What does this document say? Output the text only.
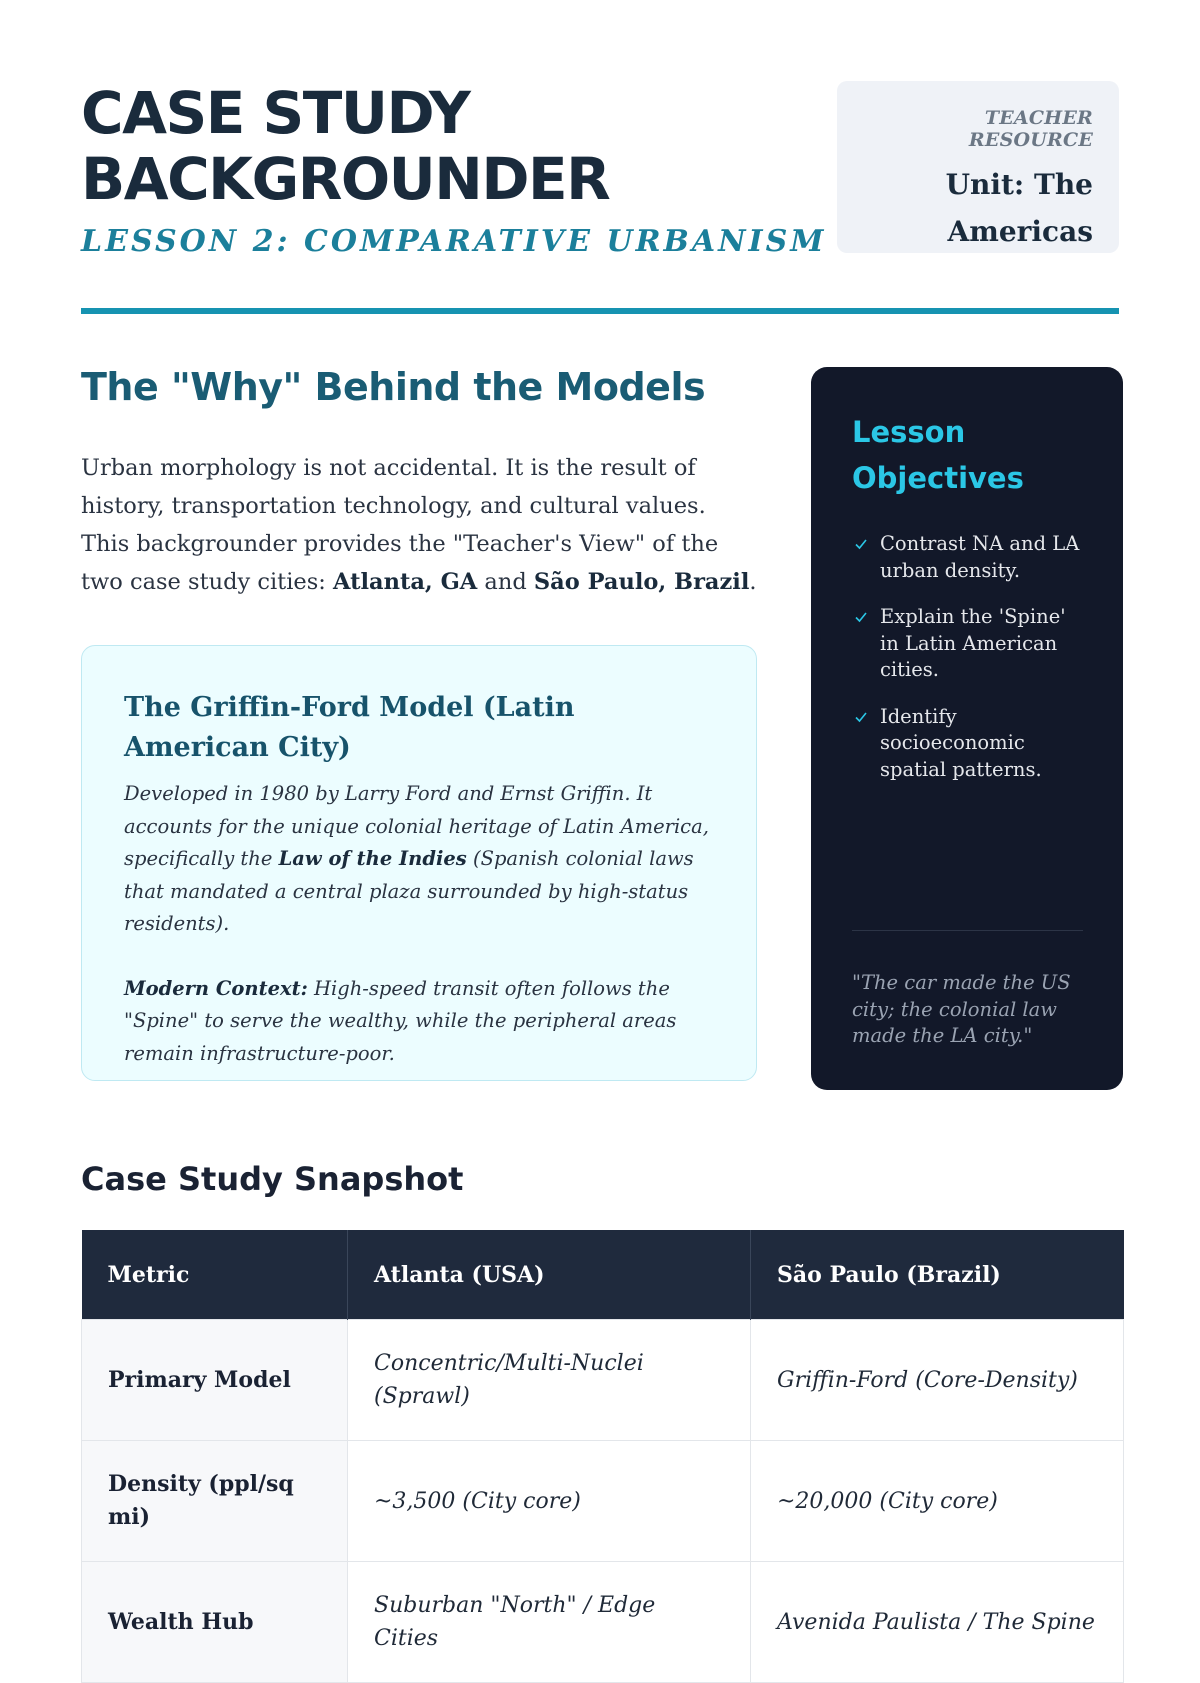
CASE STUDY
BACKGROUNDER
LESSON 2: COMPARATIVE URBANISM
TEACHER RESOURCE
Unit: The
Americas
The "Why" Behind the Models

Urban morphology is not accidental. It is the result of history, transportation technology, and cultural values. This backgrounder provides the "Teacher's View" of the two case study cities: Atlanta, GA and São Paulo, Brazil.

The Griffin-Ford Model (Latin American City)

Developed in 1980 by Larry Ford and Ernst Griffin. It accounts for the unique colonial heritage of Latin America, specifically the Law of the Indies (Spanish colonial laws that mandated a central plaza surrounded by high-status residents).

Modern Context: High-speed transit often follows the "Spine" to serve the wealthy, while the peripheral areas remain infrastructure-poor.

Lesson
Objectives
Contrast NA and LA urban density.
Explain the 'Spine' in Latin American cities.
Identify socioeconomic spatial patterns.

"The car made the US city; the colonial law made the LA city."

Case Study Snapshot
Metric	Atlanta (USA)	São Paulo (Brazil)
Primary Model	Concentric/Multi-Nuclei (Sprawl)	Griffin-Ford (Core-Density)
Density (ppl/sq mi)	~3,500 (City core)	~20,000 (City core)
Wealth Hub	Suburban "North" / Edge Cities	Avenida Paulista / The Spine
